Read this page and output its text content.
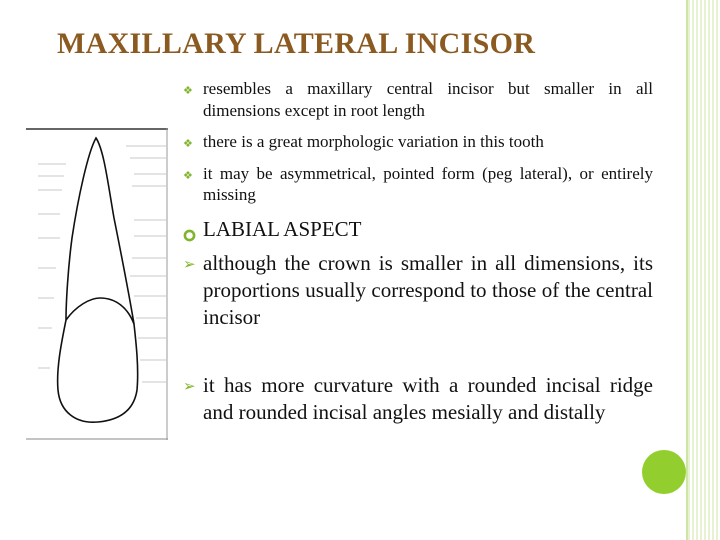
MAXILLARY LATERAL INCISOR
❖ resembles a maxillary central incisor but smaller in all dimensions except in root length
❖ there is a great morphologic variation in this tooth
❖ it may be asymmetrical, pointed form (peg lateral), or entirely missing
LABIAL ASPECT
➢ although the crown is smaller in all dimensions, its proportions usually correspond to those of the central incisor
➢ it has more curvature with a rounded incisal ridge and rounded incisal angles mesially and distally
